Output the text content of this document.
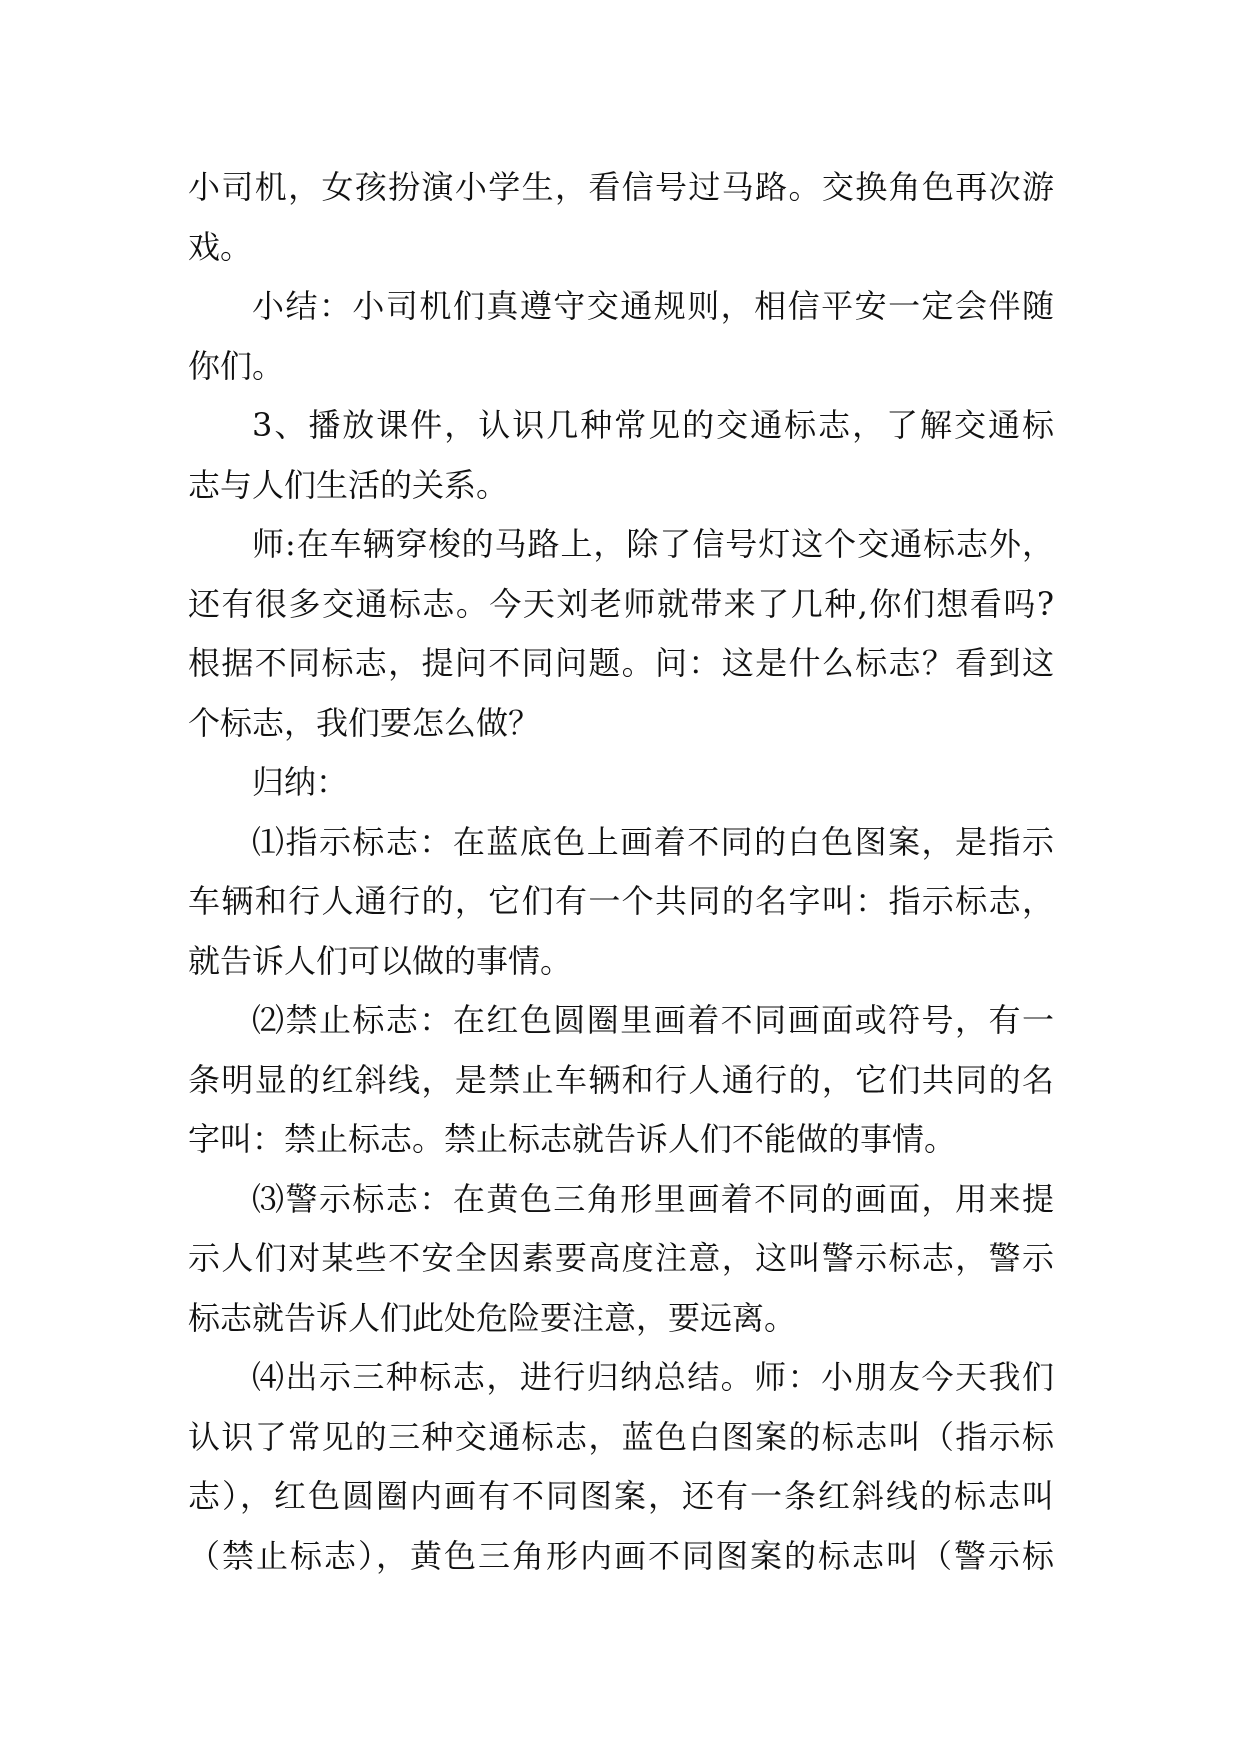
小司机，女孩扮演小学生，看信号过马路。交换角色再次游
戏。
小结：小司机们真遵守交通规则，相信平安一定会伴随
你们。
3、播放课件，认识几种常见的交通标志，了解交通标
志与人们生活的关系。
师:在车辆穿梭的马路上，除了信号灯这个交通标志外，
还有很多交通标志。今天刘老师就带来了几种,你们想看吗?
根据不同标志，提问不同问题。问：这是什么标志？看到这
个标志，我们要怎么做？
归纳：
⑴指示标志：在蓝底色上画着不同的白色图案，是指示
车辆和行人通行的，它们有一个共同的名字叫：指示标志，
就告诉人们可以做的事情。
⑵禁止标志：在红色圆圈里画着不同画面或符号，有一
条明显的红斜线，是禁止车辆和行人通行的，它们共同的名
字叫：禁止标志。禁止标志就告诉人们不能做的事情。
⑶警示标志：在黄色三角形里画着不同的画面，用来提
示人们对某些不安全因素要高度注意，这叫警示标志，警示
标志就告诉人们此处危险要注意，要远离。
⑷出示三种标志，进行归纳总结。师：小朋友今天我们
认识了常见的三种交通标志，蓝色白图案的标志叫（指示标
志），红色圆圈内画有不同图案，还有一条红斜线的标志叫
（禁止标志），黄色三角形内画不同图案的标志叫（警示标
